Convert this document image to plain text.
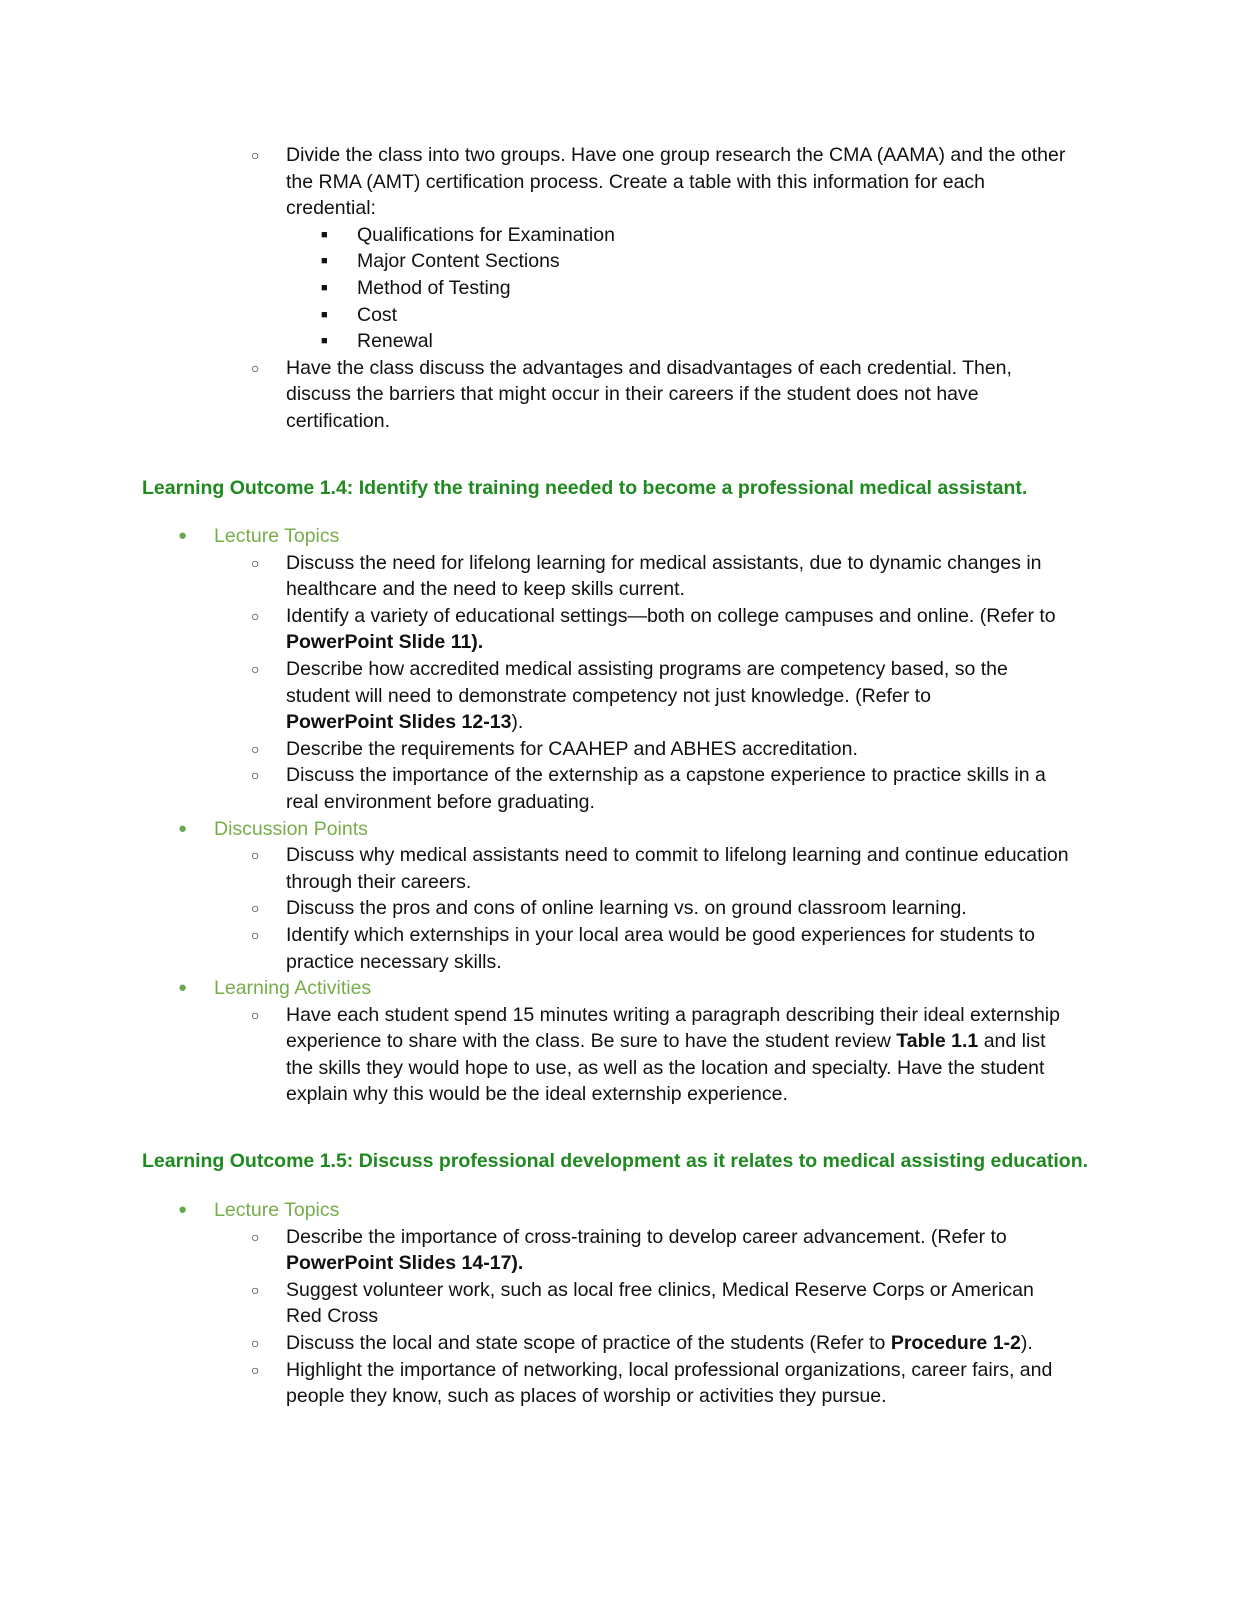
○ Divide the class into two groups. Have one group research the CMA (AAMA) and the other the RMA (AMT) certification process. Create a table with this information for each credential:
■ Qualifications for Examination
■ Major Content Sections
■ Method of Testing
■ Cost
■ Renewal
○ Have the class discuss the advantages and disadvantages of each credential. Then, discuss the barriers that might occur in their careers if the student does not have certification.
Learning Outcome 1.4: Identify the training needed to become a professional medical assistant.
● Lecture Topics
○ Discuss the need for lifelong learning for medical assistants, due to dynamic changes in healthcare and the need to keep skills current.
○ Identify a variety of educational settings—both on college campuses and online. (Refer to PowerPoint Slide 11).
○ Describe how accredited medical assisting programs are competency based, so the student will need to demonstrate competency not just knowledge. (Refer to
PowerPoint Slides 12-13).
○ Describe the requirements for CAAHEP and ABHES accreditation.
○ Discuss the importance of the externship as a capstone experience to practice skills in a real environment before graduating.
● Discussion Points
○ Discuss why medical assistants need to commit to lifelong learning and continue education through their careers.
○ Discuss the pros and cons of online learning vs. on ground classroom learning.
○ Identify which externships in your local area would be good experiences for students to practice necessary skills.
● Learning Activities
○ Have each student spend 15 minutes writing a paragraph describing their ideal externship experience to share with the class. Be sure to have the student review Table 1.1 and list the skills they would hope to use, as well as the location and specialty. Have the student explain why this would be the ideal externship experience.
Learning Outcome 1.5: Discuss professional development as it relates to medical assisting education.
● Lecture Topics
○ Describe the importance of cross-training to develop career advancement. (Refer to
PowerPoint Slides 14-17).
○ Suggest volunteer work, such as local free clinics, Medical Reserve Corps or American Red Cross
○ Discuss the local and state scope of practice of the students (Refer to Procedure 1-2).
○ Highlight the importance of networking, local professional organizations, career fairs, and people they know, such as places of worship or activities they pursue.
